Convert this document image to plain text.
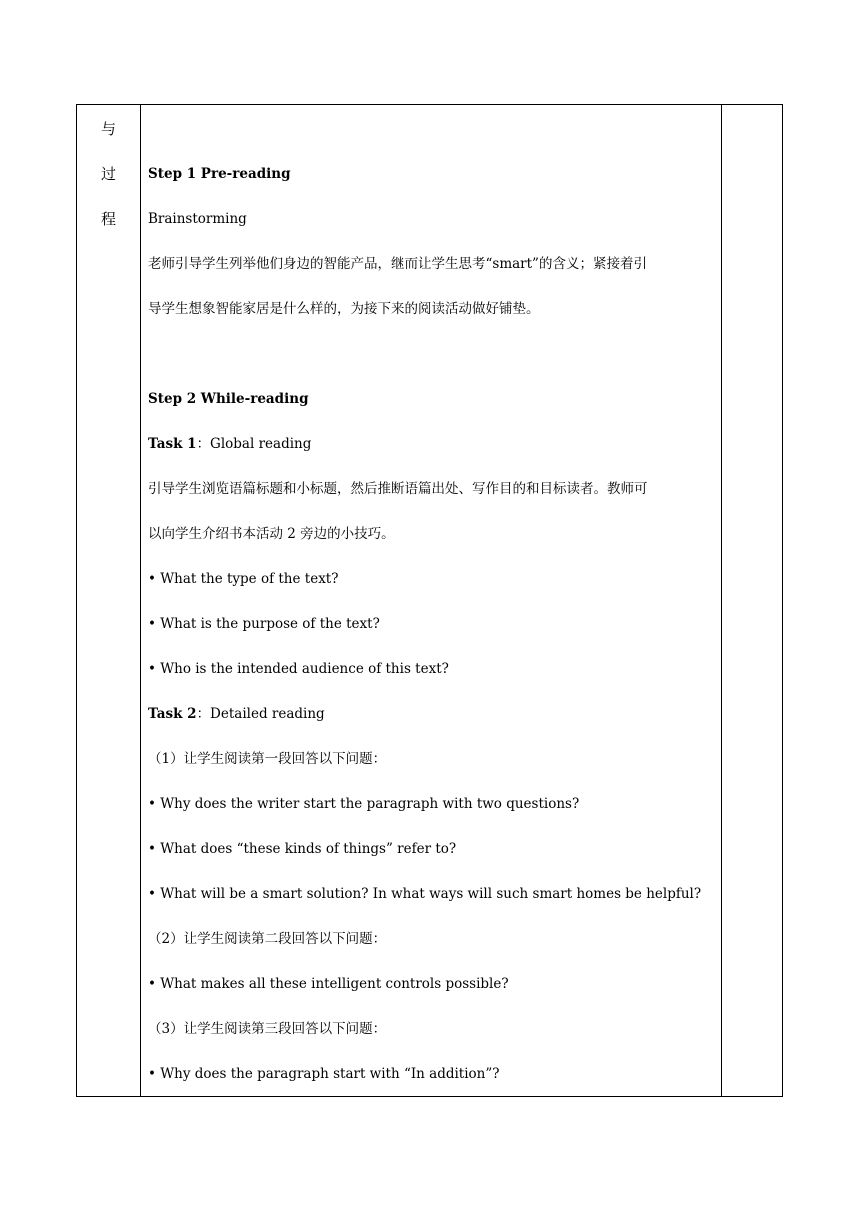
与
过
程
Step 1 Pre-reading
Brainstorming
老师引导学生列举他们身边的智能产品，继而让学生思考“smart”的含义；紧接着引
导学生想象智能家居是什么样的，为接下来的阅读活动做好铺垫。
Step 2 While-reading
Task 1：Global reading
引导学生浏览语篇标题和小标题，然后推断语篇出处、写作目的和目标读者。教师可
以向学生介绍书本活动 2 旁边的小技巧。
• What the type of the text?
• What is the purpose of the text?
• Who is the intended audience of this text?
Task 2：Detailed reading
（1）让学生阅读第一段回答以下问题：
• Why does the writer start the paragraph with two questions?
• What does “these kinds of things” refer to?
• What will be a smart solution? In what ways will such smart homes be helpful?
（2）让学生阅读第二段回答以下问题：
• What makes all these intelligent controls possible?
（3）让学生阅读第三段回答以下问题：
• Why does the paragraph start with “In addition”?
